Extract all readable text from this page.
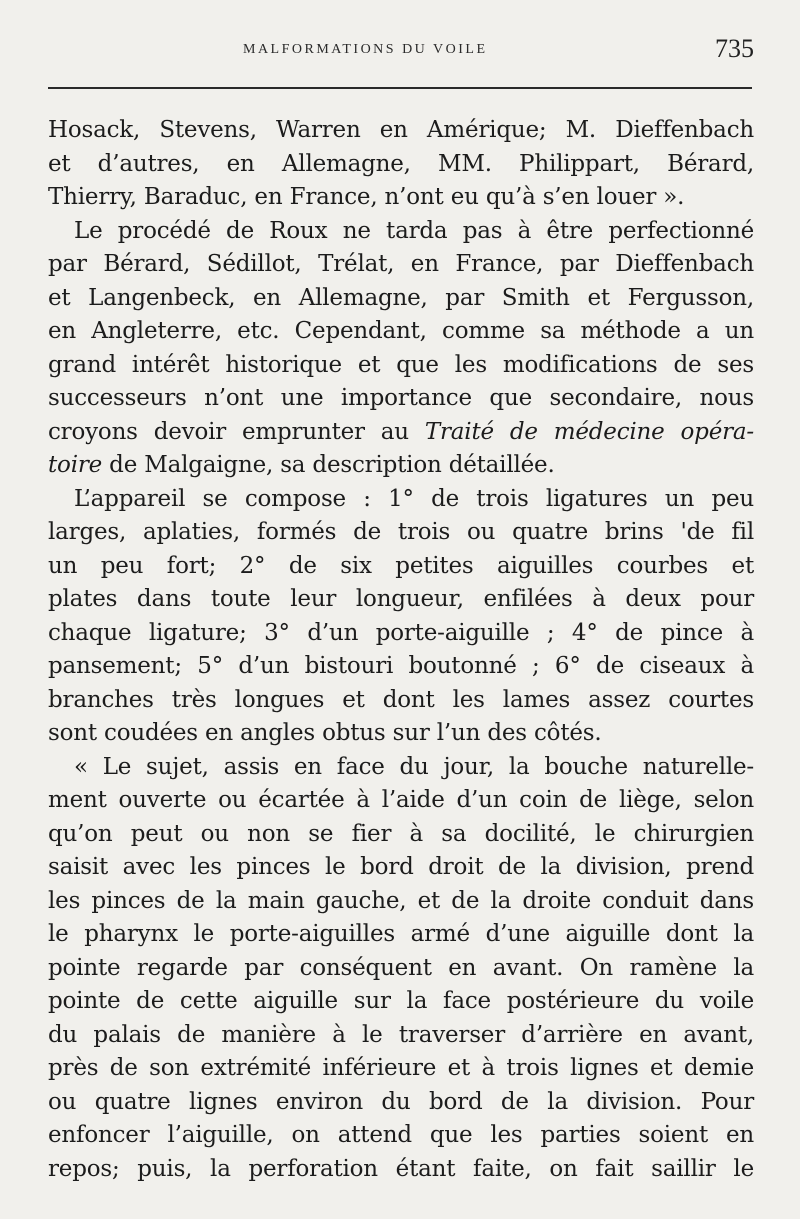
MALFORMATIONS DU VOILE	735
Hosack, Stevens, Warren en Amérique; M. Dieffenbach
et d’autres, en Allemagne, MM. Philippart, Bérard,
Thierry, Baraduc, en France, n’ont eu qu’à s’en louer ».
Le procédé de Roux ne tarda pas à être perfectionné
par Bérard, Sédillot, Trélat, en France, par Dieffenbach
et Langenbeck, en Allemagne, par Smith et Fergusson,
en Angleterre, etc. Cependant, comme sa méthode a un
grand intérêt historique et que les modifications de ses
successeurs n’ont une importance que secondaire, nous
croyons devoir emprunter au Traité de médecine opéra-
toire de Malgaigne, sa description détaillée.
L’appareil se compose : 1° de trois ligatures un peu
larges, aplaties, formés de trois ou quatre brins 'de fil
un peu fort; 2° de six petites aiguilles courbes et
plates dans toute leur longueur, enfilées à deux pour
chaque ligature; 3° d’un porte-aiguille ; 4° de pince à
pansement; 5° d’un bistouri boutonné ; 6° de ciseaux à
branches très longues et dont les lames assez courtes
sont coudées en angles obtus sur l’un des côtés.
« Le sujet, assis en face du jour, la bouche naturelle-
ment ouverte ou écartée à l’aide d’un coin de liège, selon
qu’on peut ou non se fier à sa docilité, le chirurgien
saisit avec les pinces le bord droit de la division, prend
les pinces de la main gauche, et de la droite conduit dans
le pharynx le porte-aiguilles armé d’une aiguille dont la
pointe regarde par conséquent en avant. On ramène la
pointe de cette aiguille sur la face postérieure du voile
du palais de manière à le traverser d’arrière en avant,
près de son extrémité inférieure et à trois lignes et demie
ou quatre lignes environ du bord de la division. Pour
enfoncer l’aiguille, on attend que les parties soient en
repos; puis, la perforation étant faite, on fait saillir le
